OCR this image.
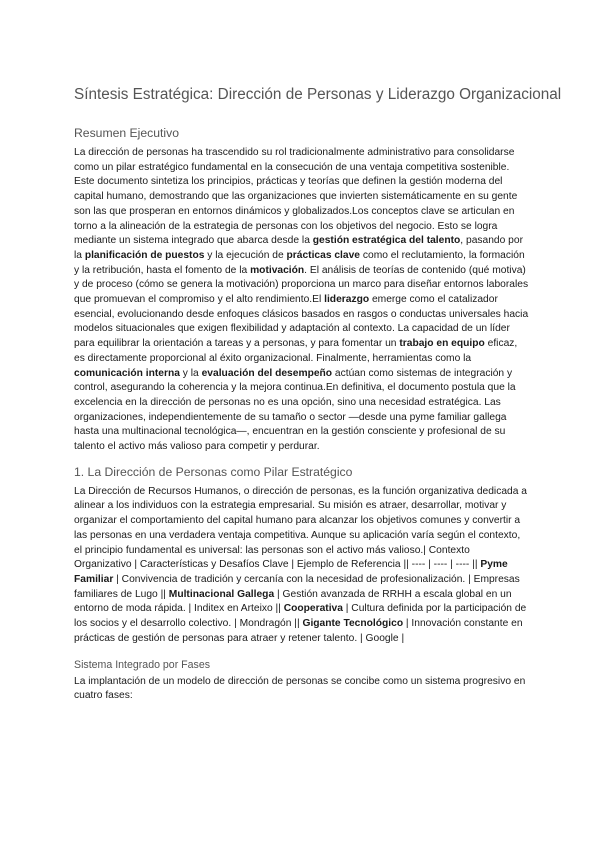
Síntesis Estratégica: Dirección de Personas y Liderazgo Organizacional
Resumen Ejecutivo

La dirección de personas ha trascendido su rol tradicionalmente administrativo para consolidarse como un pilar estratégico fundamental en la consecución de una ventaja competitiva sostenible. Este documento sintetiza los principios, prácticas y teorías que definen la gestión moderna del capital humano, demostrando que las organizaciones que invierten sistemáticamente en su gente son las que prosperan en entornos dinámicos y globalizados.Los conceptos clave se articulan en torno a la alineación de la estrategia de personas con los objetivos del negocio. Esto se logra mediante un sistema integrado que abarca desde la gestión estratégica del talento, pasando por la planificación de puestos y la ejecución de prácticas clave como el reclutamiento, la formación y la retribución, hasta el fomento de la motivación. El análisis de teorías de contenido (qué motiva) y de proceso (cómo se genera la motivación) proporciona un marco para diseñar entornos laborales que promuevan el compromiso y el alto rendimiento.El liderazgo emerge como el catalizador esencial, evolucionando desde enfoques clásicos basados en rasgos o conductas universales hacia modelos situacionales que exigen flexibilidad y adaptación al contexto. La capacidad de un líder para equilibrar la orientación a tareas y a personas, y para fomentar un trabajo en equipo eficaz, es directamente proporcional al éxito organizacional. Finalmente, herramientas como la comunicación interna y la evaluación del desempeño actúan como sistemas de integración y control, asegurando la coherencia y la mejora continua.En definitiva, el documento postula que la excelencia en la dirección de personas no es una opción, sino una necesidad estratégica. Las organizaciones, independientemente de su tamaño o sector —desde una pyme familiar gallega hasta una multinacional tecnológica—, encuentran en la gestión consciente y profesional de su talento el activo más valioso para competir y perdurar.

1. La Dirección de Personas como Pilar Estratégico

La Dirección de Recursos Humanos, o dirección de personas, es la función organizativa dedicada a alinear a los individuos con la estrategia empresarial. Su misión es atraer, desarrollar, motivar y organizar el comportamiento del capital humano para alcanzar los objetivos comunes y convertir a las personas en una verdadera ventaja competitiva. Aunque su aplicación varía según el contexto, el principio fundamental es universal: las personas son el activo más valioso.| Contexto Organizativo | Características y Desafíos Clave | Ejemplo de Referencia || ---- | ---- | ---- || Pyme Familiar | Convivencia de tradición y cercanía con la necesidad de profesionalización. | Empresas familiares de Lugo || Multinacional Gallega | Gestión avanzada de RRHH a escala global en un entorno de moda rápida. | Inditex en Arteixo || Cooperativa | Cultura definida por la participación de los socios y el desarrollo colectivo. | Mondragón || Gigante Tecnológico | Innovación constante en prácticas de gestión de personas para atraer y retener talento. | Google |

Sistema Integrado por Fases

La implantación de un modelo de dirección de personas se concibe como un sistema progresivo en cuatro fases:
